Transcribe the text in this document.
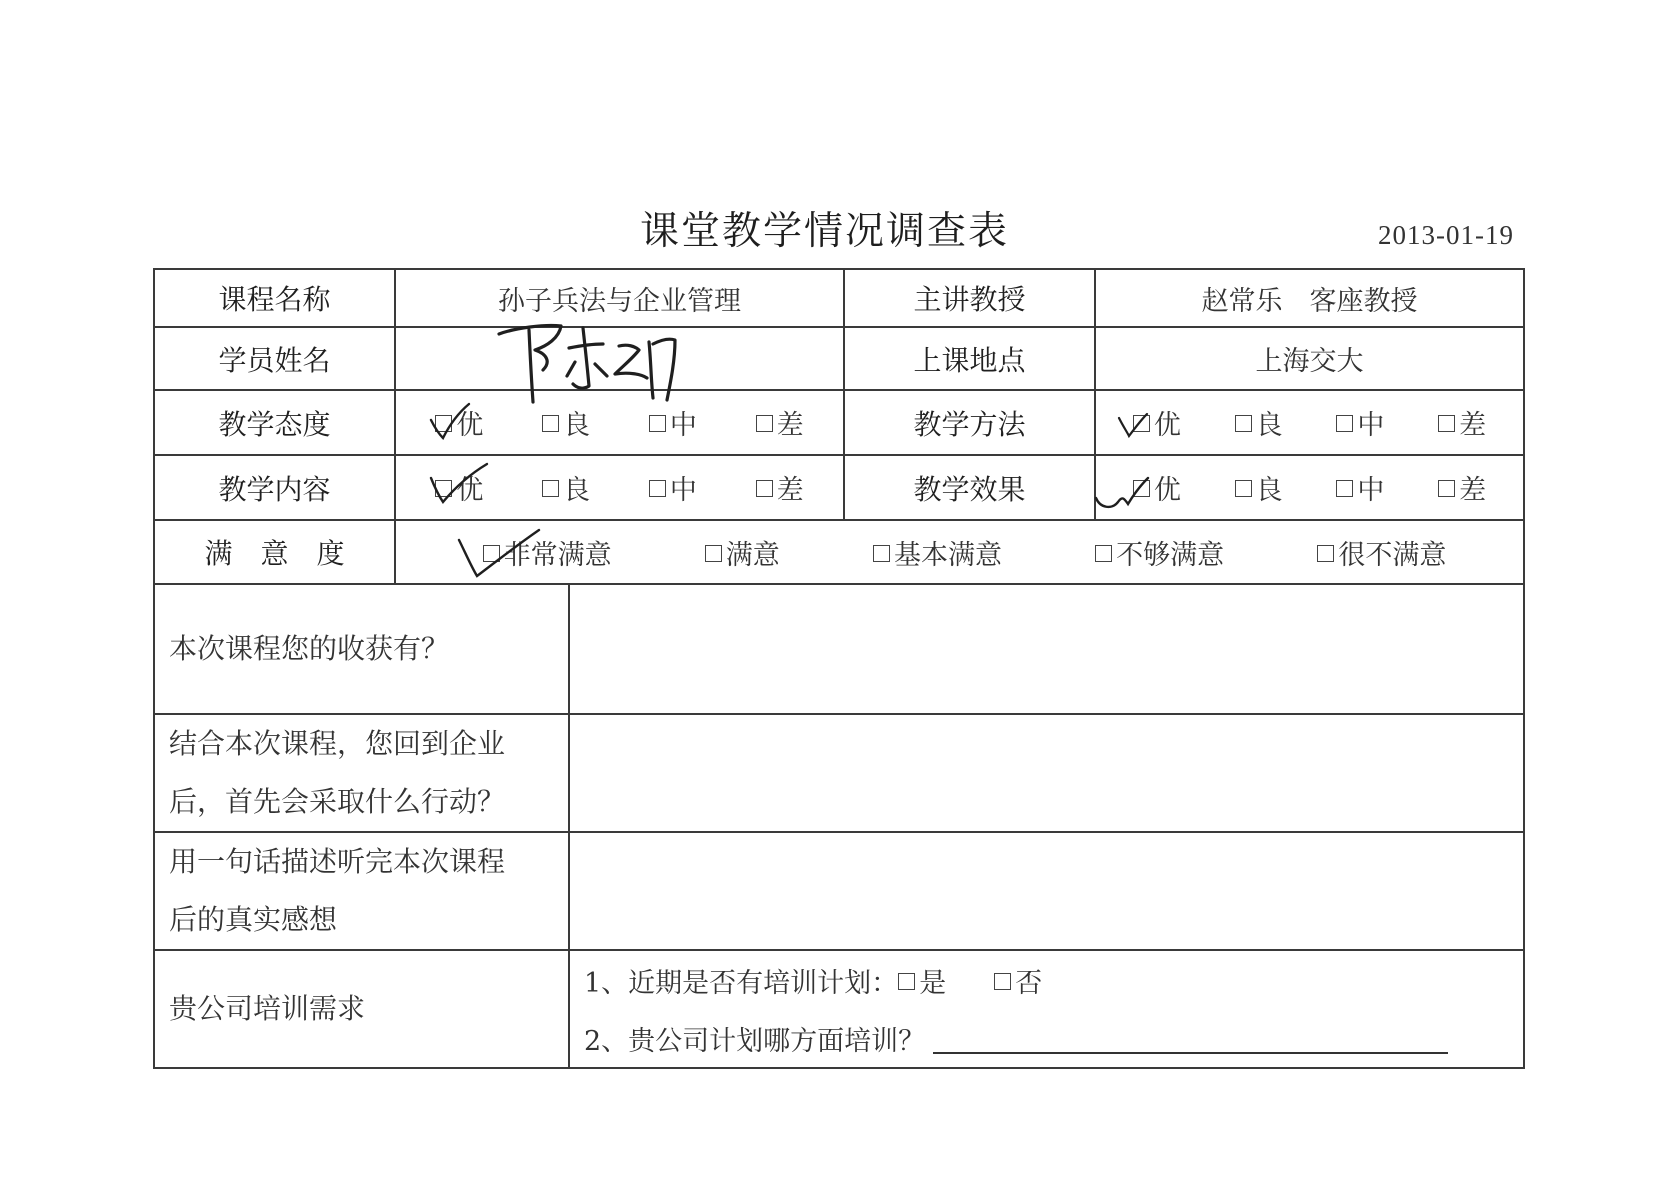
课堂教学情况调查表	2013-01-19
课程名称	孙子兵法与企业管理		主讲教授	赵常乐　客座教授
学员姓名			上课地点	上海交大
教学态度	优 良 中 差		教学方法	优 良 中 差

教学内容	优 良 中 差		教学效果	优 良 中 差

满　意　度	非常满意 满意 基本满意 不够满意 很不满意			

本次课程您的收获有？				

结合本次课程，您回到企业
后，首先会采取什么行动？				

用一句话描述听完本次课程
后的真实感想				

贵公司培训需求		1、近期是否有培训计划： 是 否
2、贵公司计划哪方面培训？		
